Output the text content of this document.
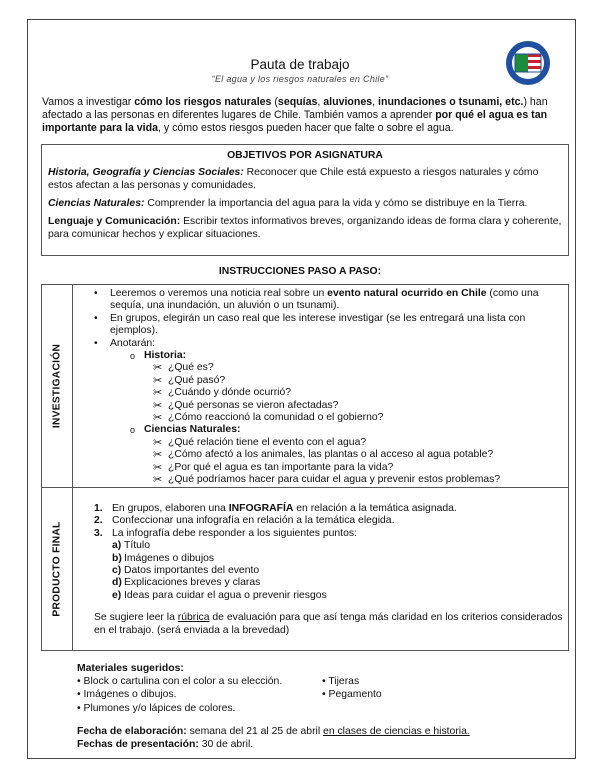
Pauta de trabajo
“El agua y los riesgos naturales en Chile”
Vamos a investigar cómo los riesgos naturales (sequías, aluviones, inundaciones o tsunami, etc.) han afectado a las personas en diferentes lugares de Chile. También vamos a aprender por qué el agua es tan importante para la vida, y cómo estos riesgos pueden hacer que falte o sobre el agua.
OBJETIVOS POR ASIGNATURA

Historia, Geografía y Ciencias Sociales: Reconocer que Chile está expuesto a riesgos naturales y cómo estos afectan a las personas y comunidades.

Ciencias Naturales: Comprender la importancia del agua para la vida y cómo se distribuye en la Tierra.

Lenguaje y Comunicación: Escribir textos informativos breves, organizando ideas de forma clara y coherente, para comunicar hechos y explicar situaciones.

INSTRUCCIONES PASO A PASO:
INVESTIGACIÓN
PRODUCTO FINAL
• Leeremos o veremos una noticia real sobre un evento natural ocurrido en Chile (como una sequía, una inundación, un aluvión o un tsunami).
• En grupos, elegirán un caso real que les interese investigar (se les entregará una lista con ejemplos).
• Anotarán:
o Historia:
✂ ¿Qué es?
✂ ¿Qué pasó?
✂ ¿Cuándo y dónde ocurrió?
✂ ¿Qué personas se vieron afectadas?
✂ ¿Cómo reaccionó la comunidad o el gobierno?
o Ciencias Naturales:
✂ ¿Qué relación tiene el evento con el agua?
✂ ¿Cómo afectó a los animales, las plantas o al acceso al agua potable?
✂ ¿Por qué el agua es tan importante para la vida?
✂ ¿Qué podríamos hacer para cuidar el agua y prevenir estos problemas?
1. En grupos, elaboren una INFOGRAFÍA en relación a la temática asignada.
2. Confeccionar una infografía en relación a la temática elegida.
3. La infografía debe responder a los siguientes puntos:
a) Título
b) Imágenes o dibujos
c) Datos importantes del evento
d) Explicaciones breves y claras
e) Ideas para cuidar el agua o prevenir riesgos
Se sugiere leer la rúbrica de evaluación para que así tenga más claridad en los criterios considerados en el trabajo. (será enviada a la brevedad)
Materiales sugeridos:
• Block o cartulina con el color a su elección.
• Imágenes o dibujos.
• Plumones y/o lápices de colores.
• Tijeras
• Pegamento
Fecha de elaboración: semana del 21 al 25 de abril en clases de ciencias e historia.
Fechas de presentación: 30 de abril.
